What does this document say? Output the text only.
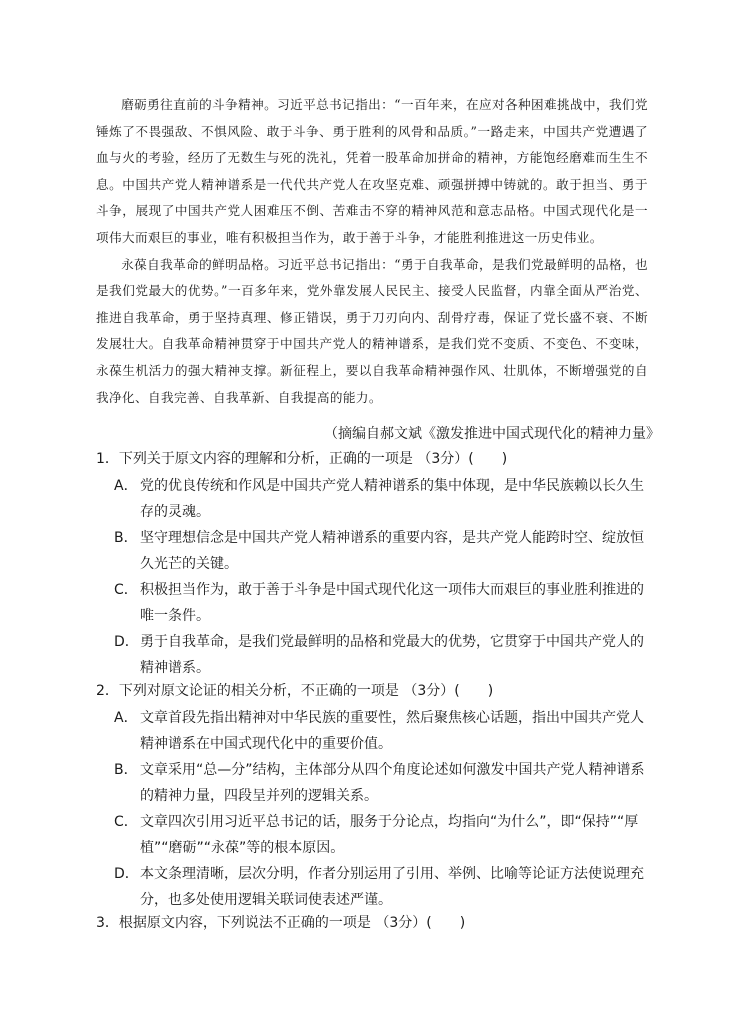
磨砺勇往直前的斗争精神。习近平总书记指出：“一百年来，在应对各种困难挑战中，我们党锤炼了不畏强敌、不惧风险、敢于斗争、勇于胜利的风骨和品质。”一路走来，中国共产党遭遇了血与火的考验，经历了无数生与死的洗礼，凭着一股革命加拼命的精神，方能饱经磨难而生生不息。中国共产党人精神谱系是一代代共产党人在攻坚克难、顽强拼搏中铸就的。敢于担当、勇于斗争，展现了中国共产党人困难压不倒、苦难击不穿的精神风范和意志品格。中国式现代化是一项伟大而艰巨的事业，唯有积极担当作为，敢于善于斗争，才能胜利推进这一历史伟业。

永葆自我革命的鲜明品格。习近平总书记指出：“勇于自我革命，是我们党最鲜明的品格，也是我们党最大的优势。”一百多年来，党外靠发展人民民主、接受人民监督，内靠全面从严治党、推进自我革命，勇于坚持真理、修正错误，勇于刀刃向内、刮骨疗毒，保证了党长盛不衰、不断发展壮大。自我革命精神贯穿于中国共产党人的精神谱系，是我们党不变质、不变色、不变味，永葆生机活力的强大精神支撑。新征程上，要以自我革命精神强作风、壮肌体，不断增强党的自我净化、自我完善、自我革新、自我提高的能力。

（摘编自郝文斌《激发推进中国式现代化的精神力量》
1．下列关于原文内容的理解和分析，正确的一项是 （3分）(　　)
A． 党的优良传统和作风是中国共产党人精神谱系的集中体现，是中华民族赖以长久生存的灵魂。
B． 坚守理想信念是中国共产党人精神谱系的重要内容，是共产党人能跨时空、绽放恒久光芒的关键。
C． 积极担当作为，敢于善于斗争是中国式现代化这一项伟大而艰巨的事业胜利推进的唯一条件。
D．勇于自我革命，是我们党最鲜明的品格和党最大的优势，它贯穿于中国共产党人的精神谱系。
2．下列对原文论证的相关分析，不正确的一项是 （3分）(　　)
A． 文章首段先指出精神对中华民族的重要性，然后聚焦核心话题，指出中国共产党人精神谱系在中国式现代化中的重要价值。
B． 文章采用“总—分”结构，主体部分从四个角度论述如何激发中国共产党人精神谱系的精神力量，四段呈并列的逻辑关系。
C． 文章四次引用习近平总书记的话，服务于分论点，均指向“为什么”，即“保持”“厚植”“磨砺”“永葆”等的根本原因。
D．本文条理清晰，层次分明，作者分别运用了引用、举例、比喻等论证方法使说理充分，也多处使用逻辑关联词使表述严谨。
3．根据原文内容，下列说法不正确的一项是 （3分）(　　)
